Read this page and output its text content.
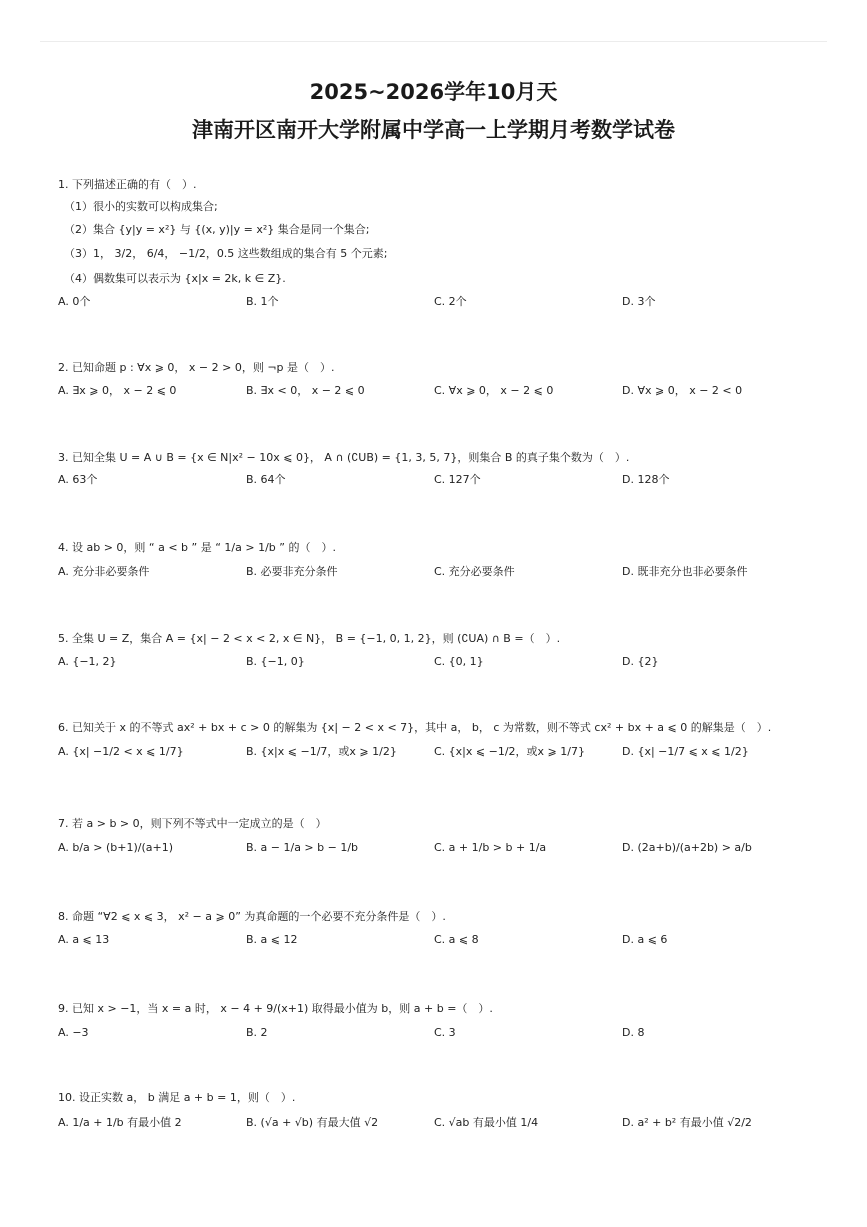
2025~2026学年10月天
津南开区南开大学附属中学高一上学期月考数学试卷
1. 下列描述正确的有（　）.
（1）很小的实数可以构成集合;
（2）集合 {y|y = x²} 与 {(x, y)|y = x²} 集合是同一个集合;
（3）1， 3/2， 6/4， −1/2，0.5 这些数组成的集合有 5 个元素;
（4）偶数集可以表示为 {x|x = 2k, k ∈ Z}.
A. 0个	B. 1个	C. 2个	D. 3个
2. 已知命题 p : ∀x ⩾ 0， x − 2 > 0，则 ¬p 是（　）.
A. ∃x ⩾ 0， x − 2 ⩽ 0	B. ∃x < 0， x − 2 ⩽ 0	C. ∀x ⩾ 0， x − 2 ⩽ 0	D. ∀x ⩾ 0， x − 2 < 0
3. 已知全集 U = A ∪ B = {x ∈ N|x² − 10x ⩽ 0}， A ∩ (∁UB) = {1, 3, 5, 7}，则集合 B 的真子集个数为（　）.
A. 63个	B. 64个	C. 127个	D. 128个
4. 设 ab > 0，则 “ a < b ” 是 “ 1/a > 1/b ” 的（　）.
A. 充分非必要条件	B. 必要非充分条件	C. 充分必要条件	D. 既非充分也非必要条件
5. 全集 U = Z，集合 A = {x| − 2 < x < 2, x ∈ N}， B = {−1, 0, 1, 2}，则 (∁UA) ∩ B =（　）.
A. {−1, 2}	B. {−1, 0}	C. {0, 1}	D. {2}
6. 已知关于 x 的不等式 ax² + bx + c > 0 的解集为 {x| − 2 < x < 7}，其中 a， b， c 为常数，则不等式 cx² + bx + a ⩽ 0 的解集是（　）.
A. {x| −1/2 < x ⩽ 1/7}	B. {x|x ⩽ −1/7，或x ⩾ 1/2}	C. {x|x ⩽ −1/2，或x ⩾ 1/7}	D. {x| −1/7 ⩽ x ⩽ 1/2}
7. 若 a > b > 0，则下列不等式中一定成立的是（　）
A. b/a > (b+1)/(a+1)	B. a − 1/a > b − 1/b	C. a + 1/b > b + 1/a	D. (2a+b)/(a+2b) > a/b
8. 命题 “∀2 ⩽ x ⩽ 3， x² − a ⩾ 0” 为真命题的一个必要不充分条件是（　）.
A. a ⩽ 13	B. a ⩽ 12	C. a ⩽ 8	D. a ⩽ 6
9. 已知 x > −1，当 x = a 时， x − 4 + 9/(x+1) 取得最小值为 b，则 a + b =（　）.
A. −3	B. 2	C. 3	D. 8
10. 设正实数 a， b 满足 a + b = 1，则（　）.
A. 1/a + 1/b 有最小值 2	B. (√a + √b) 有最大值 √2	C. √ab 有最小值 1/4	D. a² + b² 有最小值 √2/2
